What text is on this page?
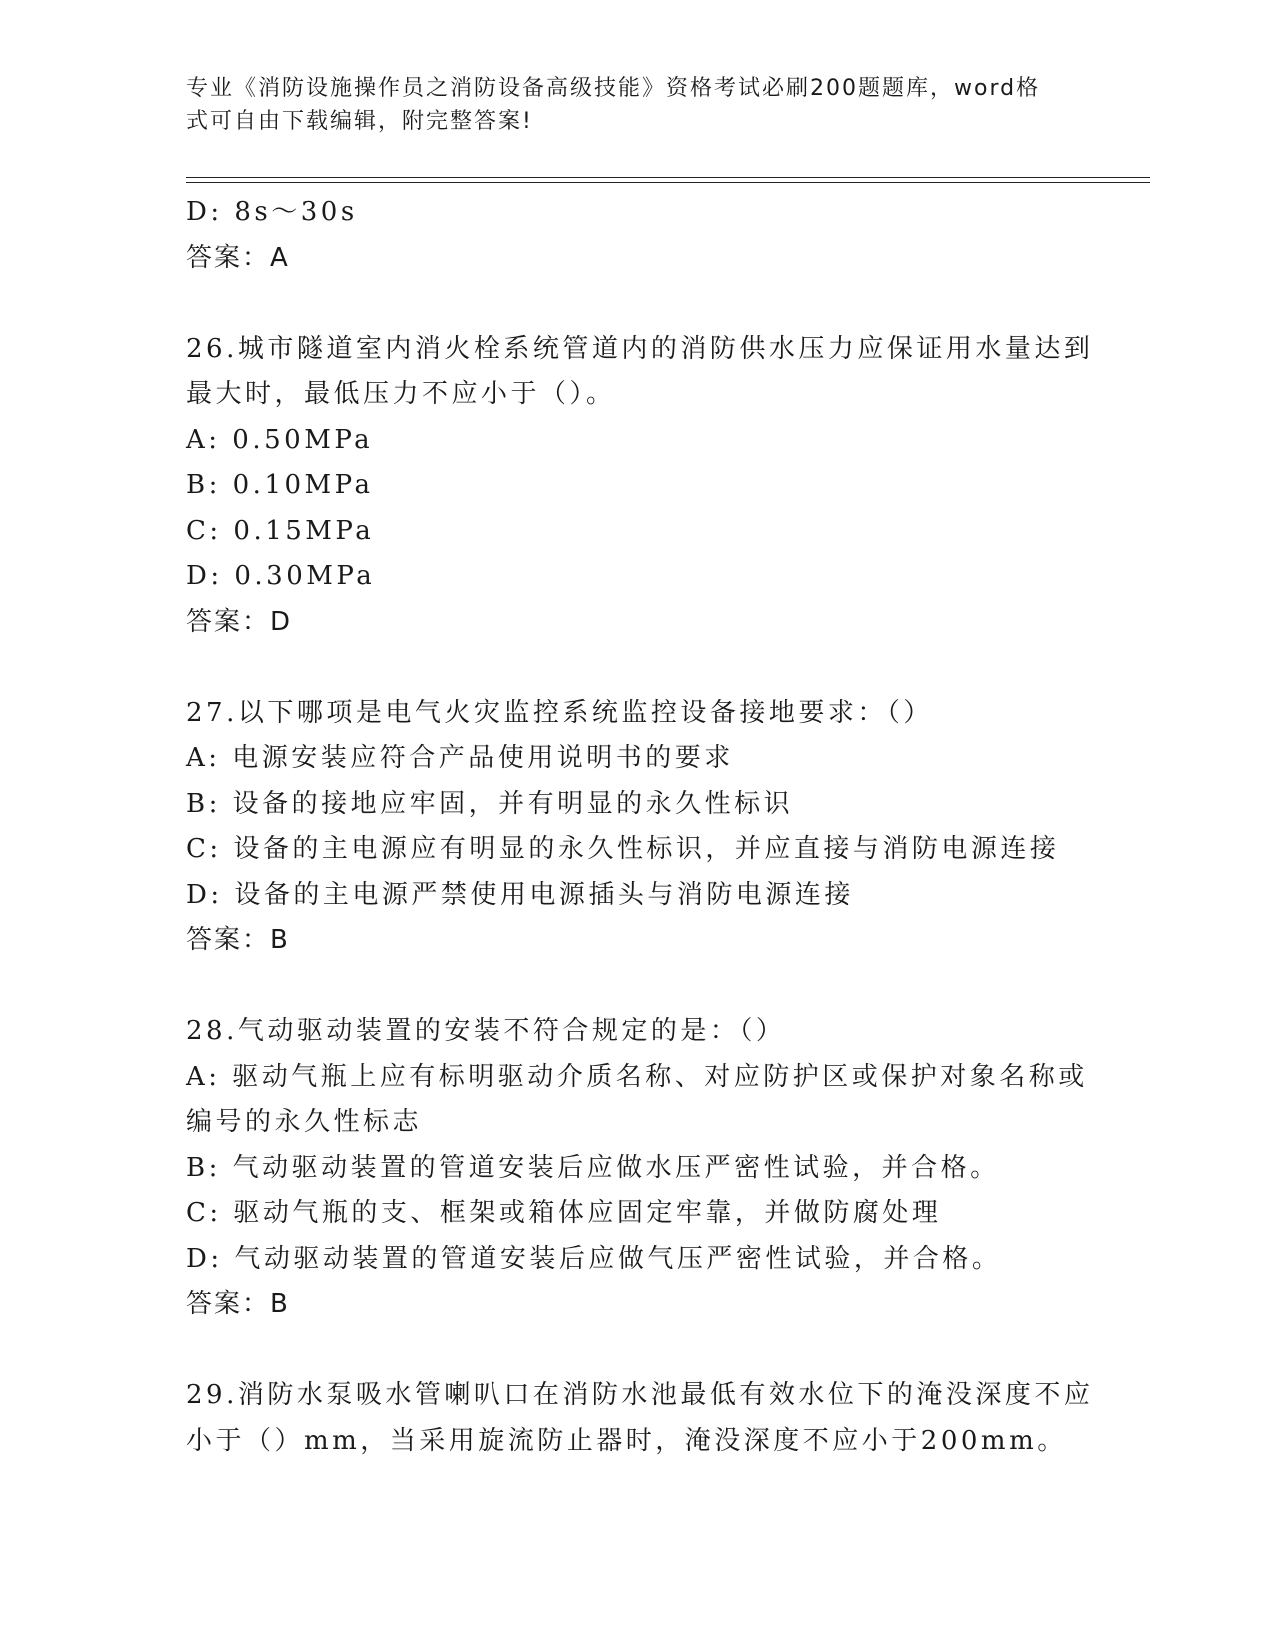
专业《消防设施操作员之消防设备高级技能》资格考试必刷200题题库，word格
式可自由下载编辑，附完整答案!
D: 8s～30s
答案：A
26.城市隧道室内消火栓系统管道内的消防供水压力应保证用水量达到
最大时，最低压力不应小于（）。
A: 0.50MPa
B: 0.10MPa
C: 0.15MPa
D: 0.30MPa
答案：D
27.以下哪项是电气火灾监控系统监控设备接地要求：（）
A: 电源安装应符合产品使用说明书的要求
B: 设备的接地应牢固，并有明显的永久性标识
C: 设备的主电源应有明显的永久性标识，并应直接与消防电源连接
D: 设备的主电源严禁使用电源插头与消防电源连接
答案：B
28.气动驱动装置的安装不符合规定的是：（）
A: 驱动气瓶上应有标明驱动介质名称、对应防护区或保护对象名称或
编号的永久性标志
B: 气动驱动装置的管道安装后应做水压严密性试验，并合格。
C: 驱动气瓶的支、框架或箱体应固定牢靠，并做防腐处理
D: 气动驱动装置的管道安装后应做气压严密性试验，并合格。
答案：B
29.消防水泵吸水管喇叭口在消防水池最低有效水位下的淹没深度不应
小于（）mm，当采用旋流防止器时，淹没深度不应小于200mm。
